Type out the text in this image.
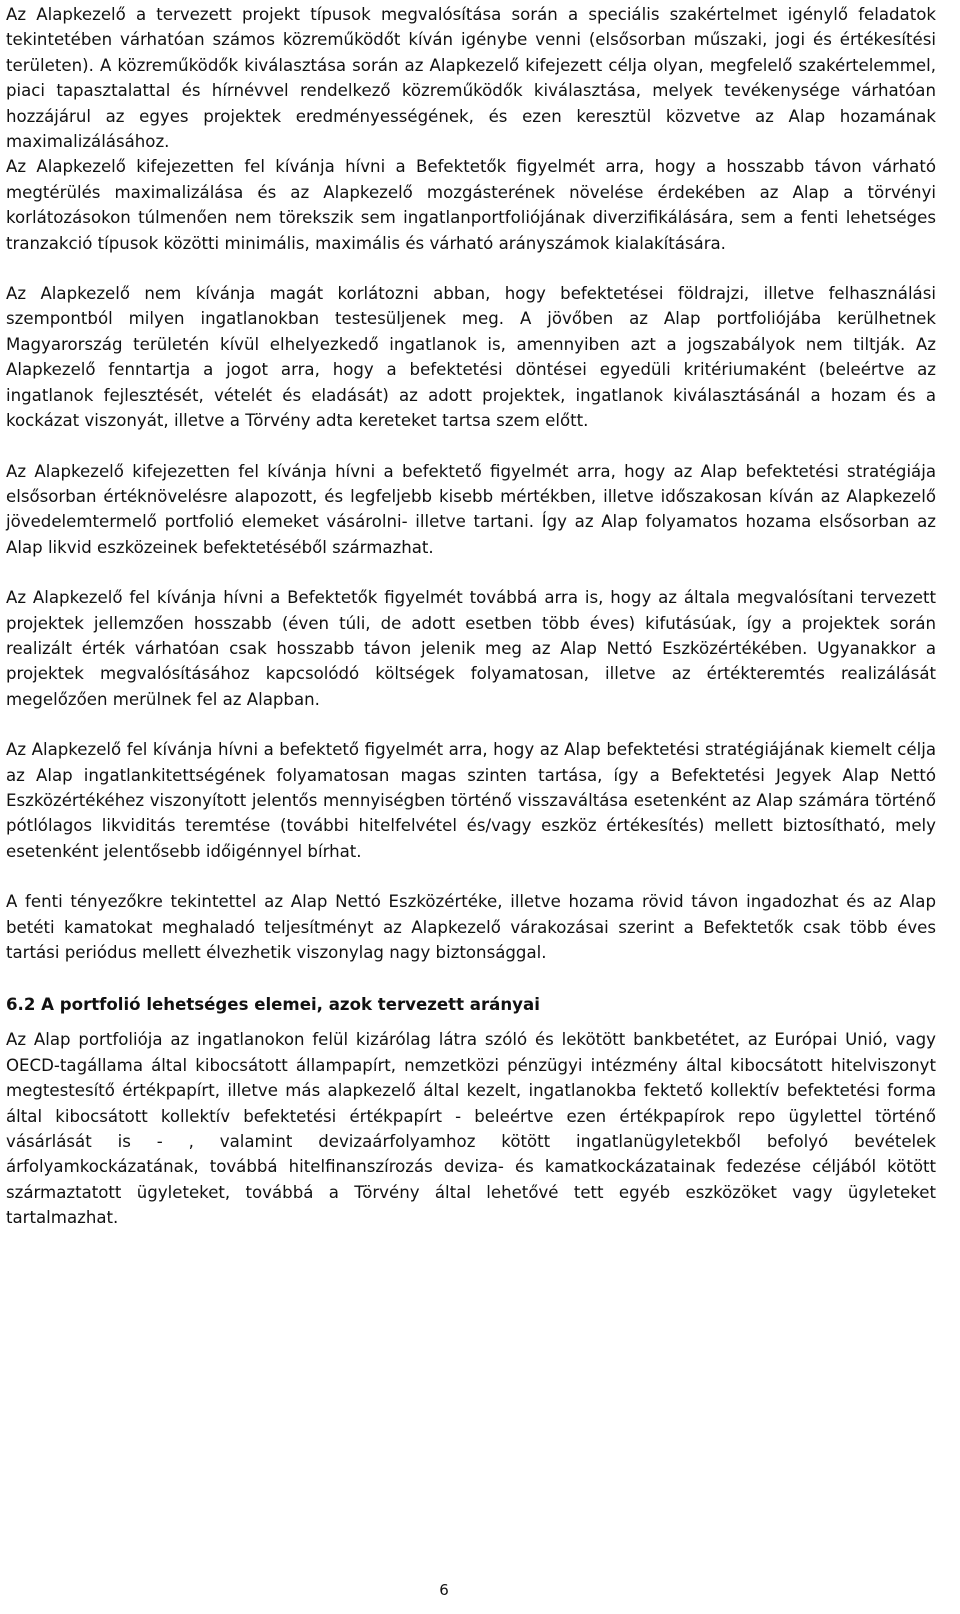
Az Alapkezelő a tervezett projekt típusok megvalósítása során a speciális szakértelmet igénylő feladatok tekintetében várhatóan számos közreműködőt kíván igénybe venni (elsősorban műszaki, jogi és értékesítési területen). A közreműködők kiválasztása során az Alapkezelő kifejezett célja olyan, megfelelő szakértelemmel, piaci tapasztalattal és hírnévvel rendelkező közreműködők kiválasztása, melyek tevékenysége várhatóan hozzájárul az egyes projektek eredményességének, és ezen keresztül közvetve az Alap hozamának maximalizálásához.

Az Alapkezelő kifejezetten fel kívánja hívni a Befektetők figyelmét arra, hogy a hosszabb távon várható megtérülés maximalizálása és az Alapkezelő mozgásterének növelése érdekében az Alap a törvényi korlátozásokon túlmenően nem törekszik sem ingatlanportfoliójának diverzifikálására, sem a fenti lehetséges tranzakció típusok közötti minimális, maximális és várható arányszámok kialakítására.

Az Alapkezelő nem kívánja magát korlátozni abban, hogy befektetései földrajzi, illetve felhasználási szempontból milyen ingatlanokban testesüljenek meg. A jövőben az Alap portfoliójába kerülhetnek Magyarország területén kívül elhelyezkedő ingatlanok is, amennyiben azt a jogszabályok nem tiltják. Az Alapkezelő fenntartja a jogot arra, hogy a befektetési döntései egyedüli kritériumaként (beleértve az ingatlanok fejlesztését, vételét és eladását) az adott projektek, ingatlanok kiválasztásánál a hozam és a kockázat viszonyát, illetve a Törvény adta kereteket tartsa szem előtt.

Az Alapkezelő kifejezetten fel kívánja hívni a befektető figyelmét arra, hogy az Alap befektetési stratégiája elsősorban értéknövelésre alapozott, és legfeljebb kisebb mértékben, illetve időszakosan kíván az Alapkezelő jövedelemtermelő portfolió elemeket vásárolni- illetve tartani. Így az Alap folyamatos hozama elsősorban az Alap likvid eszközeinek befektetéséből származhat.

Az Alapkezelő fel kívánja hívni a Befektetők figyelmét továbbá arra is, hogy az általa megvalósítani tervezett projektek jellemzően hosszabb (éven túli, de adott esetben több éves) kifutásúak, így a projektek során realizált érték várhatóan csak hosszabb távon jelenik meg az Alap Nettó Eszközértékében. Ugyanakkor a projektek megvalósításához kapcsolódó költségek folyamatosan, illetve az értékteremtés realizálását megelőzően merülnek fel az Alapban.

Az Alapkezelő fel kívánja hívni a befektető figyelmét arra, hogy az Alap befektetési stratégiájának kiemelt célja az Alap ingatlankitettségének folyamatosan magas szinten tartása, így a Befektetési Jegyek Alap Nettó Eszközértékéhez viszonyított jelentős mennyiségben történő visszaváltása esetenként az Alap számára történő pótlólagos likviditás teremtése (további hitelfelvétel és/vagy eszköz értékesítés) mellett biztosítható, mely esetenként jelentősebb időigénnyel bírhat.

A fenti tényezőkre tekintettel az Alap Nettó Eszközértéke, illetve hozama rövid távon ingadozhat és az Alap betéti kamatokat meghaladó teljesítményt az Alapkezelő várakozásai szerint a Befektetők csak több éves tartási periódus mellett élvezhetik viszonylag nagy biztonsággal.

6.2 A portfolió lehetséges elemei, azok tervezett arányai

Az Alap portfoliója az ingatlanokon felül kizárólag látra szóló és lekötött bankbetétet, az Európai Unió, vagy OECD-tagállama által kibocsátott állampapírt, nemzetközi pénzügyi intézmény által kibocsátott hitelviszonyt megtestesítő értékpapírt, illetve más alapkezelő által kezelt, ingatlanokba fektető kollektív befektetési forma által kibocsátott kollektív befektetési értékpapírt - beleértve ezen értékpapírok repo ügylettel történő vásárlását is - , valamint devizaárfolyamhoz kötött ingatlanügyletekből befolyó bevételek árfolyamkockázatának, továbbá hitelfinanszírozás deviza- és kamatkockázatainak fedezése céljából kötött származtatott ügyleteket, továbbá a Törvény által lehetővé tett egyéb eszközöket vagy ügyleteket tartalmazhat.

6
